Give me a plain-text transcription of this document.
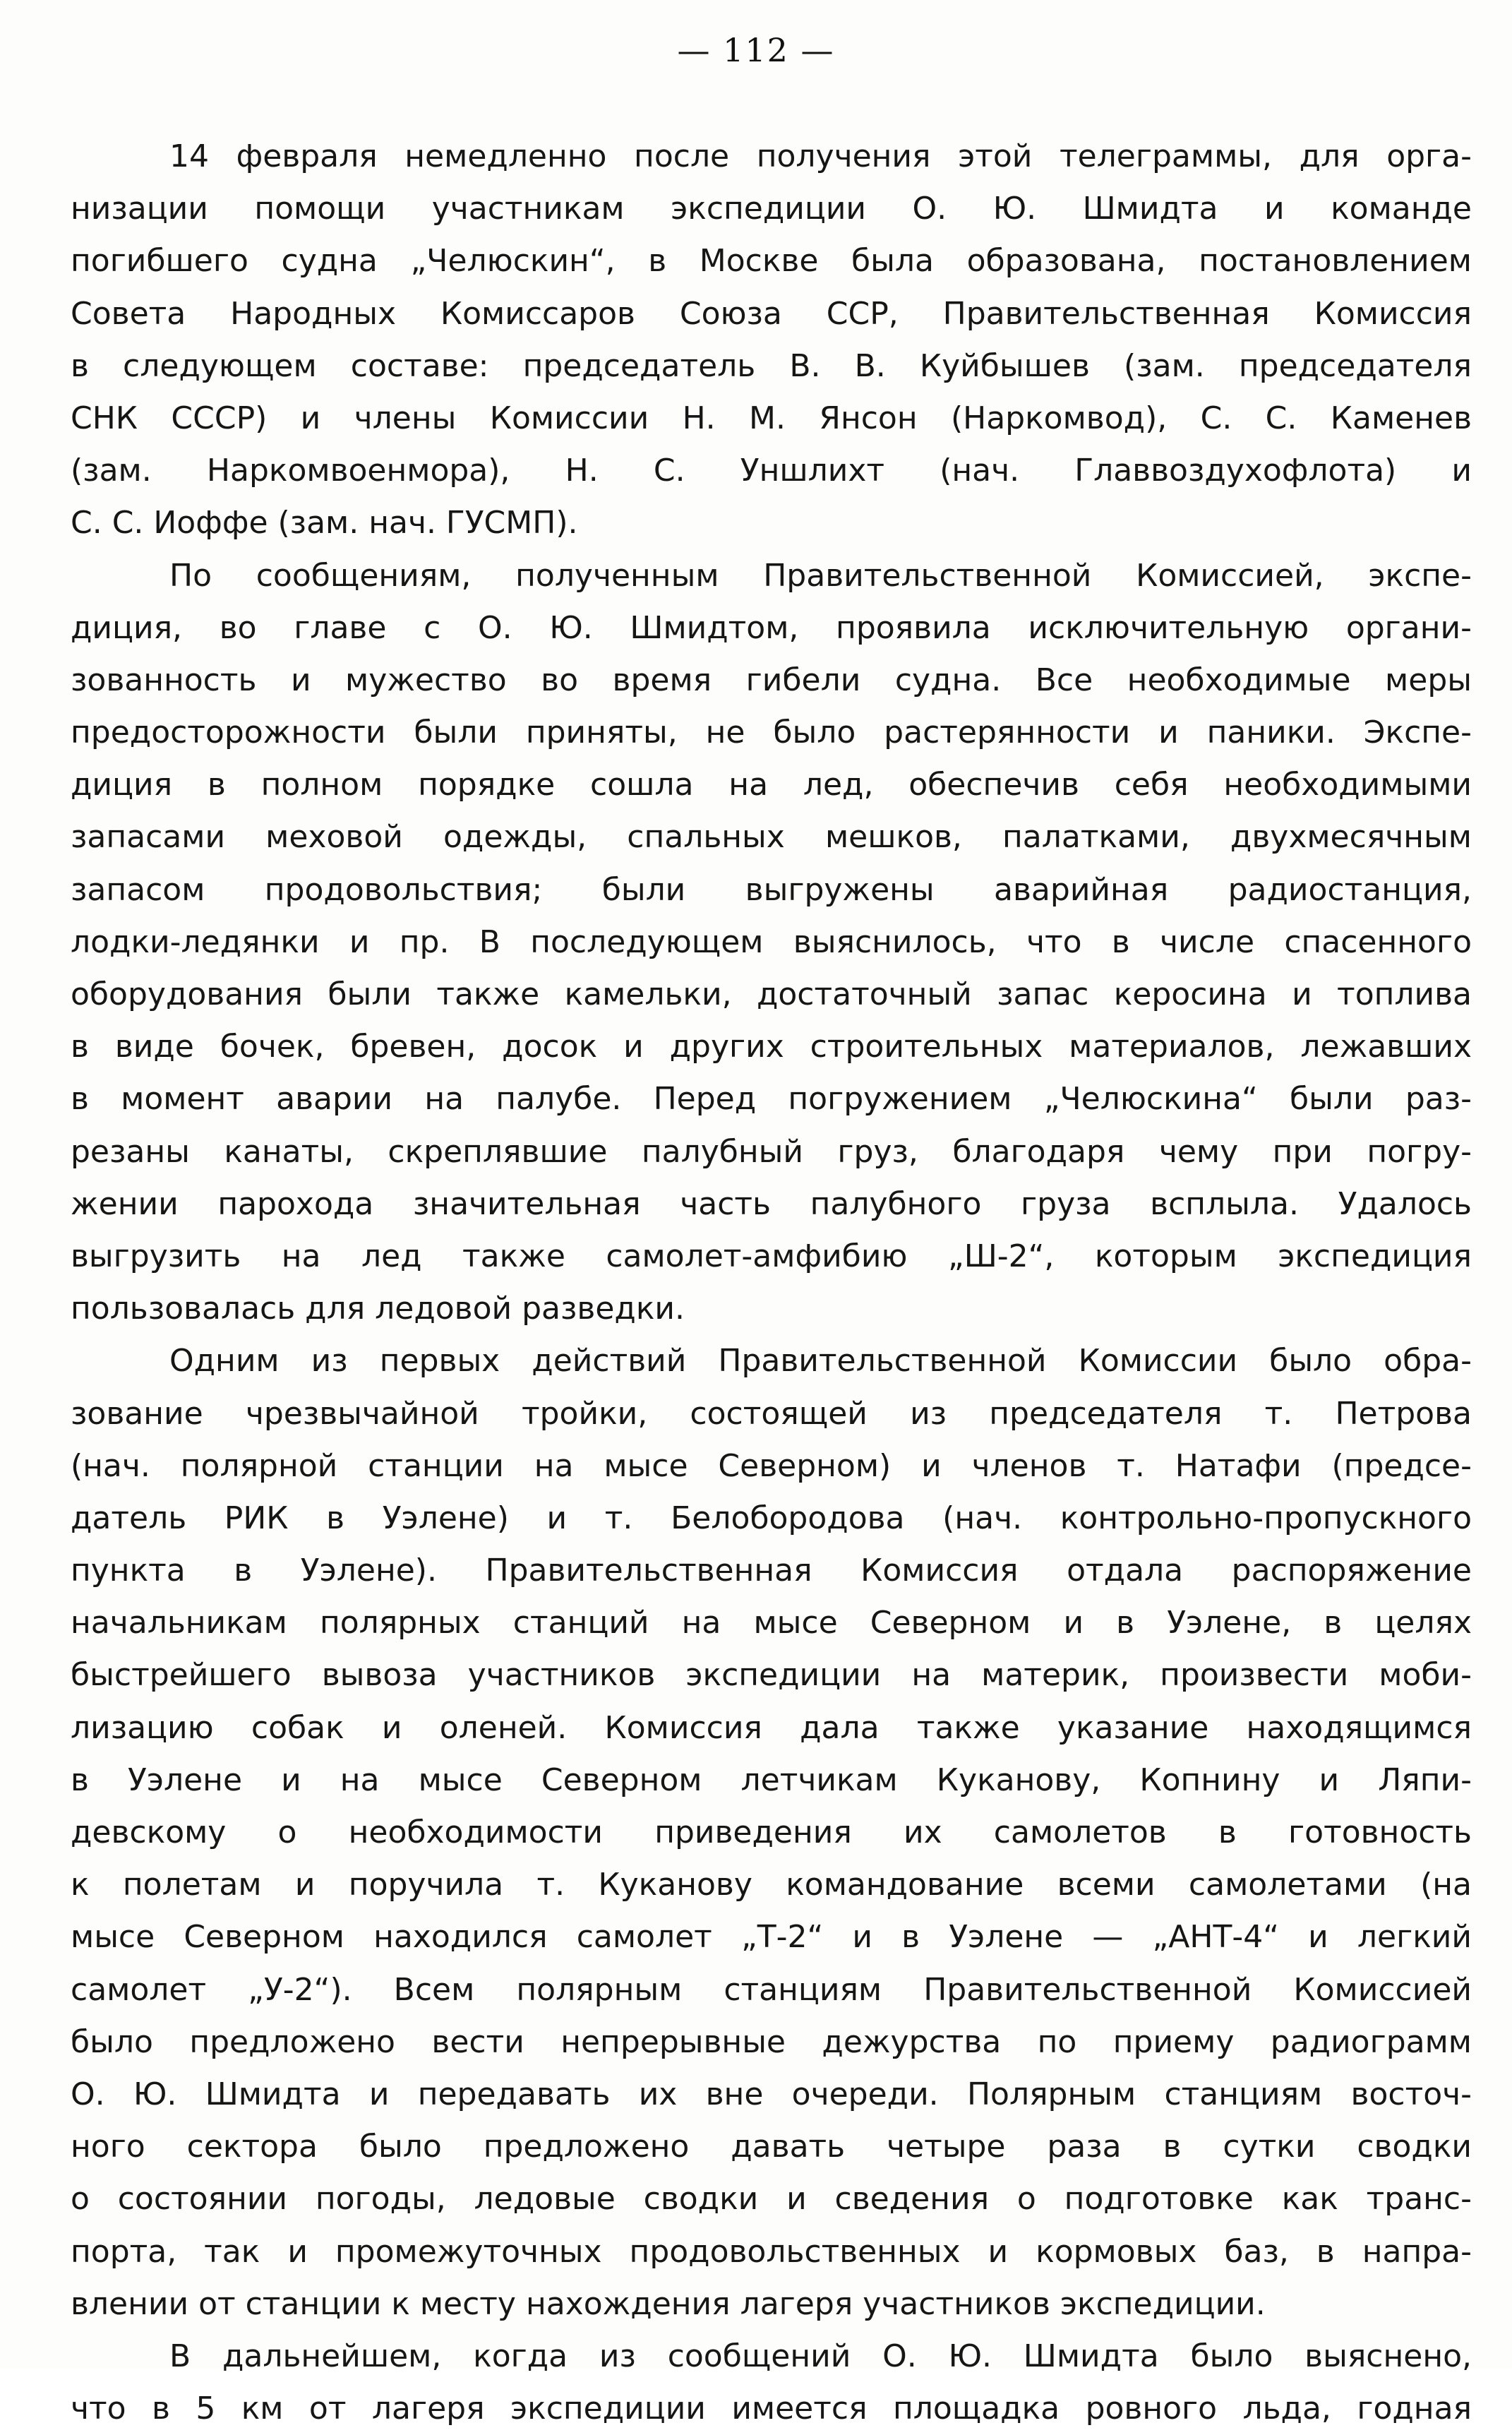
— 112 —
14 февраля немедленно после получения этой телеграммы, для орга-
низации помощи участникам экспедиции О. Ю. Шмидта и команде
погибшего судна „Челюскин“, в Москве была образована, постановлением
Совета Народных Комиссаров Союза ССР, Правительственная Комиссия
в следующем составе: председатель В. В. Куйбышев (зам. председателя
СНК СССР) и члены Комиссии Н. М. Янсон (Наркомвод), С. С. Каменев
(зам. Наркомвоенмора), Н. С. Уншлихт (нач. Главвоздухофлота) и
С. С. Иоффе (зам. нач. ГУСМП).
По сообщениям, полученным Правительственной Комиссией, экспе-
диция, во главе с О. Ю. Шмидтом, проявила исключительную органи-
зованность и мужество во время гибели судна. Все необходимые меры
предосторожности были приняты, не было растерянности и паники. Экспе-
диция в полном порядке сошла на лед, обеспечив себя необходимыми
запасами меховой одежды, спальных мешков, палатками, двухмесячным
запасом продовольствия; были выгружены аварийная радиостанция,
лодки-ледянки и пр. В последующем выяснилось, что в числе спасенного
оборудования были также камельки, достаточный запас керосина и топлива
в виде бочек, бревен, досок и других строительных материалов, лежавших
в момент аварии на палубе. Перед погружением „Челюскина“ были раз-
резаны канаты, скреплявшие палубный груз, благодаря чему при погру-
жении парохода значительная часть палубного груза всплыла. Удалось
выгрузить на лед также самолет-амфибию „Ш-2“, которым экспедиция
пользовалась для ледовой разведки.
Одним из первых действий Правительственной Комиссии было обра-
зование чрезвычайной тройки, состоящей из председателя т. Петрова
(нач. полярной станции на мысе Северном) и членов т. Натафи (предсе-
датель РИК в Уэлене) и т. Белобородова (нач. контрольно-пропускного
пункта в Уэлене). Правительственная Комиссия отдала распоряжение
начальникам полярных станций на мысе Северном и в Уэлене, в целях
быстрейшего вывоза участников экспедиции на материк, произвести моби-
лизацию собак и оленей. Комиссия дала также указание находящимся
в Уэлене и на мысе Северном летчикам Куканову, Копнину и Ляпи-
девскому о необходимости приведения их самолетов в готовность
к полетам и поручила т. Куканову командование всеми самолетами (на
мысе Северном находился самолет „Т-2“ и в Уэлене — „АНТ-4“ и легкий
самолет „У-2“). Всем полярным станциям Правительственной Комиссией
было предложено вести непрерывные дежурства по приему радиограмм
О. Ю. Шмидта и передавать их вне очереди. Полярным станциям восточ-
ного сектора было предложено давать четыре раза в сутки сводки
о состоянии погоды, ледовые сводки и сведения о подготовке как транс-
порта, так и промежуточных продовольственных и кормовых баз, в напра-
влении от станции к месту нахождения лагеря участников экспедиции.
В дальнейшем, когда из сообщений О. Ю. Шмидта было выяснено,
что в 5 км от лагеря экспедиции имеется площадка ровного льда, годная
